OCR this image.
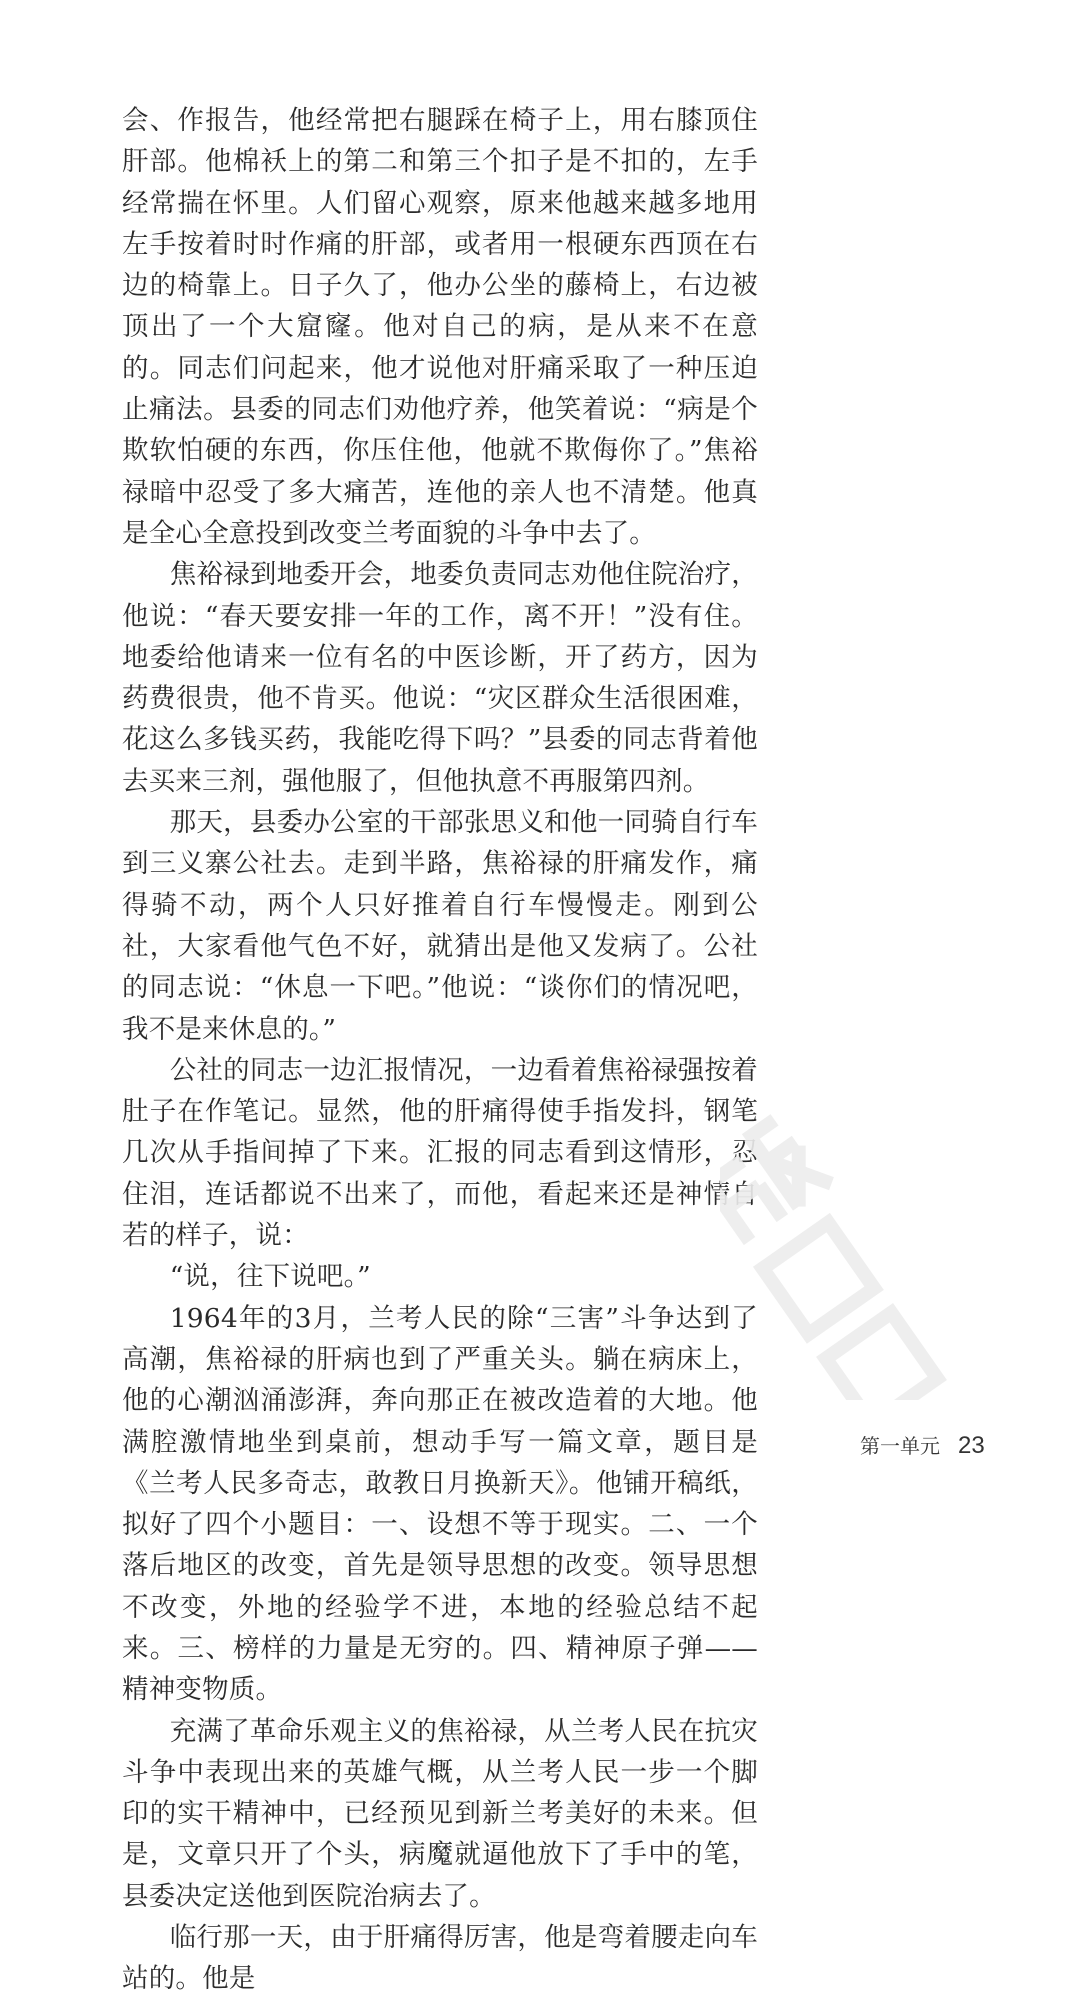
会、作报告，他经常把右腿踩在椅子上，用右膝顶住肝部。他棉袄上的第二和第三个扣子是不扣的，左手经常揣在怀里。人们留心观察，原来他越来越多地用左手按着时时作痛的肝部，或者用一根硬东西顶在右边的椅靠上。日子久了，他办公坐的藤椅上，右边被顶出了一个大窟窿。他对自己的病，是从来不在意的。同志们问起来，他才说他对肝痛采取了一种压迫止痛法。县委的同志们劝他疗养，他笑着说：“病是个欺软怕硬的东西，你压住他，他就不欺侮你了。”焦裕禄暗中忍受了多大痛苦，连他的亲人也不清楚。他真是全心全意投到改变兰考面貌的斗争中去了。

焦裕禄到地委开会，地委负责同志劝他住院治疗，他说：“春天要安排一年的工作，离不开！”没有住。地委给他请来一位有名的中医诊断，开了药方，因为药费很贵，他不肯买。他说：“灾区群众生活很困难，花这么多钱买药，我能吃得下吗？”县委的同志背着他去买来三剂，强他服了，但他执意不再服第四剂。

那天，县委办公室的干部张思义和他一同骑自行车到三义寨公社去。走到半路，焦裕禄的肝痛发作，痛得骑不动，两个人只好推着自行车慢慢走。刚到公社，大家看他气色不好，就猜出是他又发病了。公社的同志说：“休息一下吧。”他说：“谈你们的情况吧，我不是来休息的。”

公社的同志一边汇报情况，一边看着焦裕禄强按着肚子在作笔记。显然，他的肝痛得使手指发抖，钢笔几次从手指间掉了下来。汇报的同志看到这情形，忍住泪，连话都说不出来了，而他，看起来还是神情自若的样子，说：

“说，往下说吧。”

1964年的3月，兰考人民的除“三害”斗争达到了高潮，焦裕禄的肝病也到了严重关头。躺在病床上，他的心潮汹涌澎湃，奔向那正在被改造着的大地。他满腔激情地坐到桌前，想动手写一篇文章，题目是《兰考人民多奇志，敢教日月换新天》。他铺开稿纸，拟好了四个小题目：一、设想不等于现实。二、一个落后地区的改变，首先是领导思想的改变。领导思想不改变，外地的经验学不进，本地的经验总结不起来。三、榜样的力量是无穷的。四、精神原子弹——精神变物质。

充满了革命乐观主义的焦裕禄，从兰考人民在抗灾斗争中表现出来的英雄气概，从兰考人民一步一个脚印的实干精神中，已经预见到新兰考美好的未来。但是，文章只开了个头，病魔就逼他放下了手中的笔，县委决定送他到医院治病去了。

临行那一天，由于肝痛得厉害，他是弯着腰走向车站的。他是

第一单元 23
